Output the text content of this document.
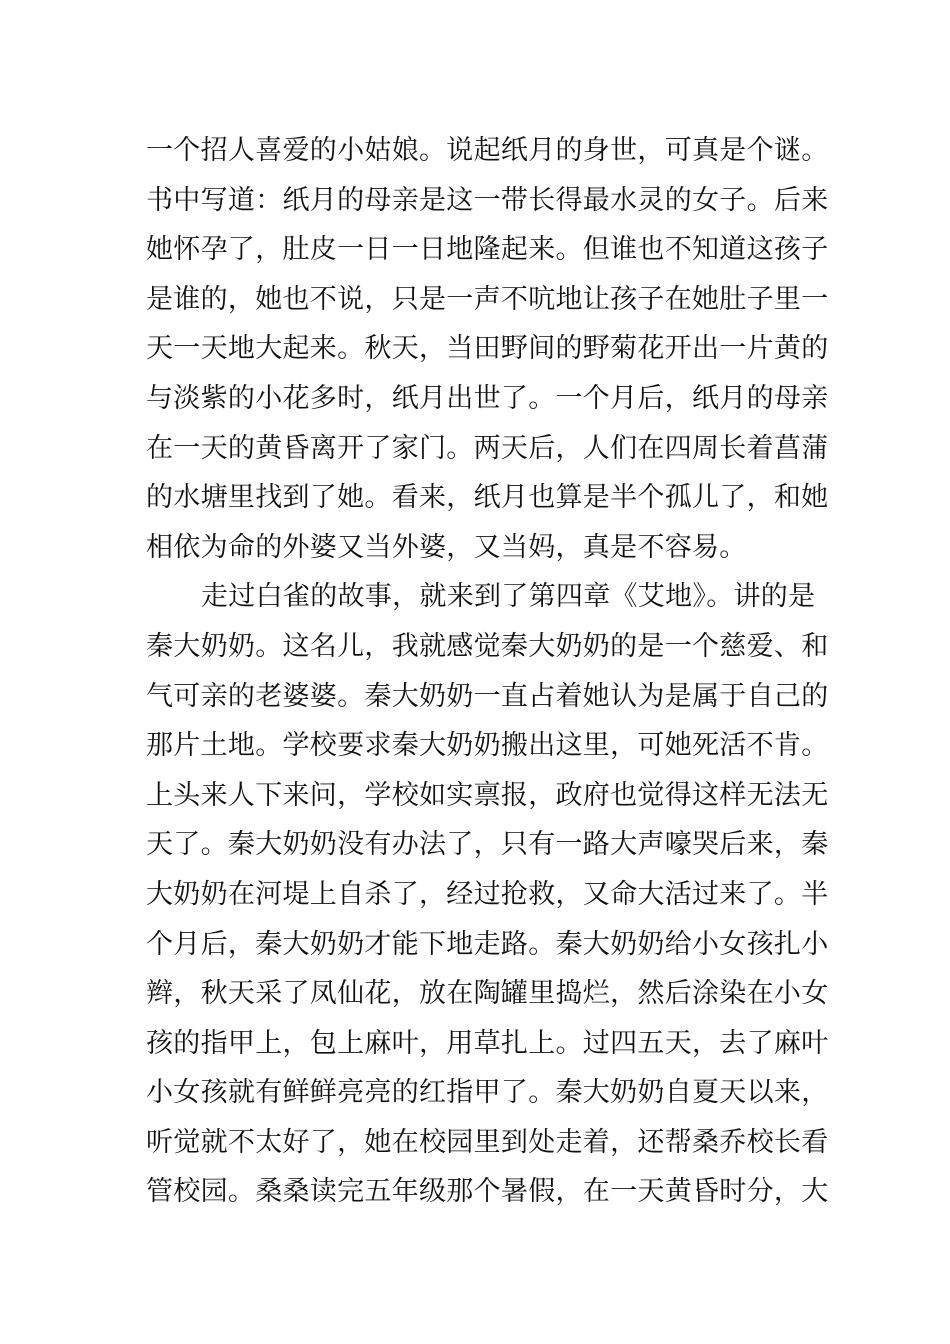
一个招人喜爱的小姑娘。说起纸月的身世，可真是个谜。
书中写道：纸月的母亲是这一带长得最水灵的女子。后来
她怀孕了，肚皮一日一日地隆起来。但谁也不知道这孩子
是谁的，她也不说，只是一声不吭地让孩子在她肚子里一
天一天地大起来。秋天，当田野间的野菊花开出一片黄的
与淡紫的小花多时，纸月出世了。一个月后，纸月的母亲
在一天的黄昏离开了家门。两天后，人们在四周长着菖蒲
的水塘里找到了她。看来，纸月也算是半个孤儿了，和她
相依为命的外婆又当外婆，又当妈，真是不容易。
走过白雀的故事，就来到了第四章《艾地》。讲的是
秦大奶奶。这名儿，我就感觉秦大奶奶的是一个慈爱、和
气可亲的老婆婆。秦大奶奶一直占着她认为是属于自己的
那片土地。学校要求秦大奶奶搬出这里，可她死活不肯。
上头来人下来问，学校如实禀报，政府也觉得这样无法无
天了。秦大奶奶没有办法了，只有一路大声嚎哭后来，秦
大奶奶在河堤上自杀了，经过抢救，又命大活过来了。半
个月后，秦大奶奶才能下地走路。秦大奶奶给小女孩扎小
辫，秋天采了凤仙花，放在陶罐里捣烂，然后涂染在小女
孩的指甲上，包上麻叶，用草扎上。过四五天，去了麻叶
小女孩就有鲜鲜亮亮的红指甲了。秦大奶奶自夏天以来，
听觉就不太好了，她在校园里到处走着，还帮桑乔校长看
管校园。桑桑读完五年级那个暑假，在一天黄昏时分，大
